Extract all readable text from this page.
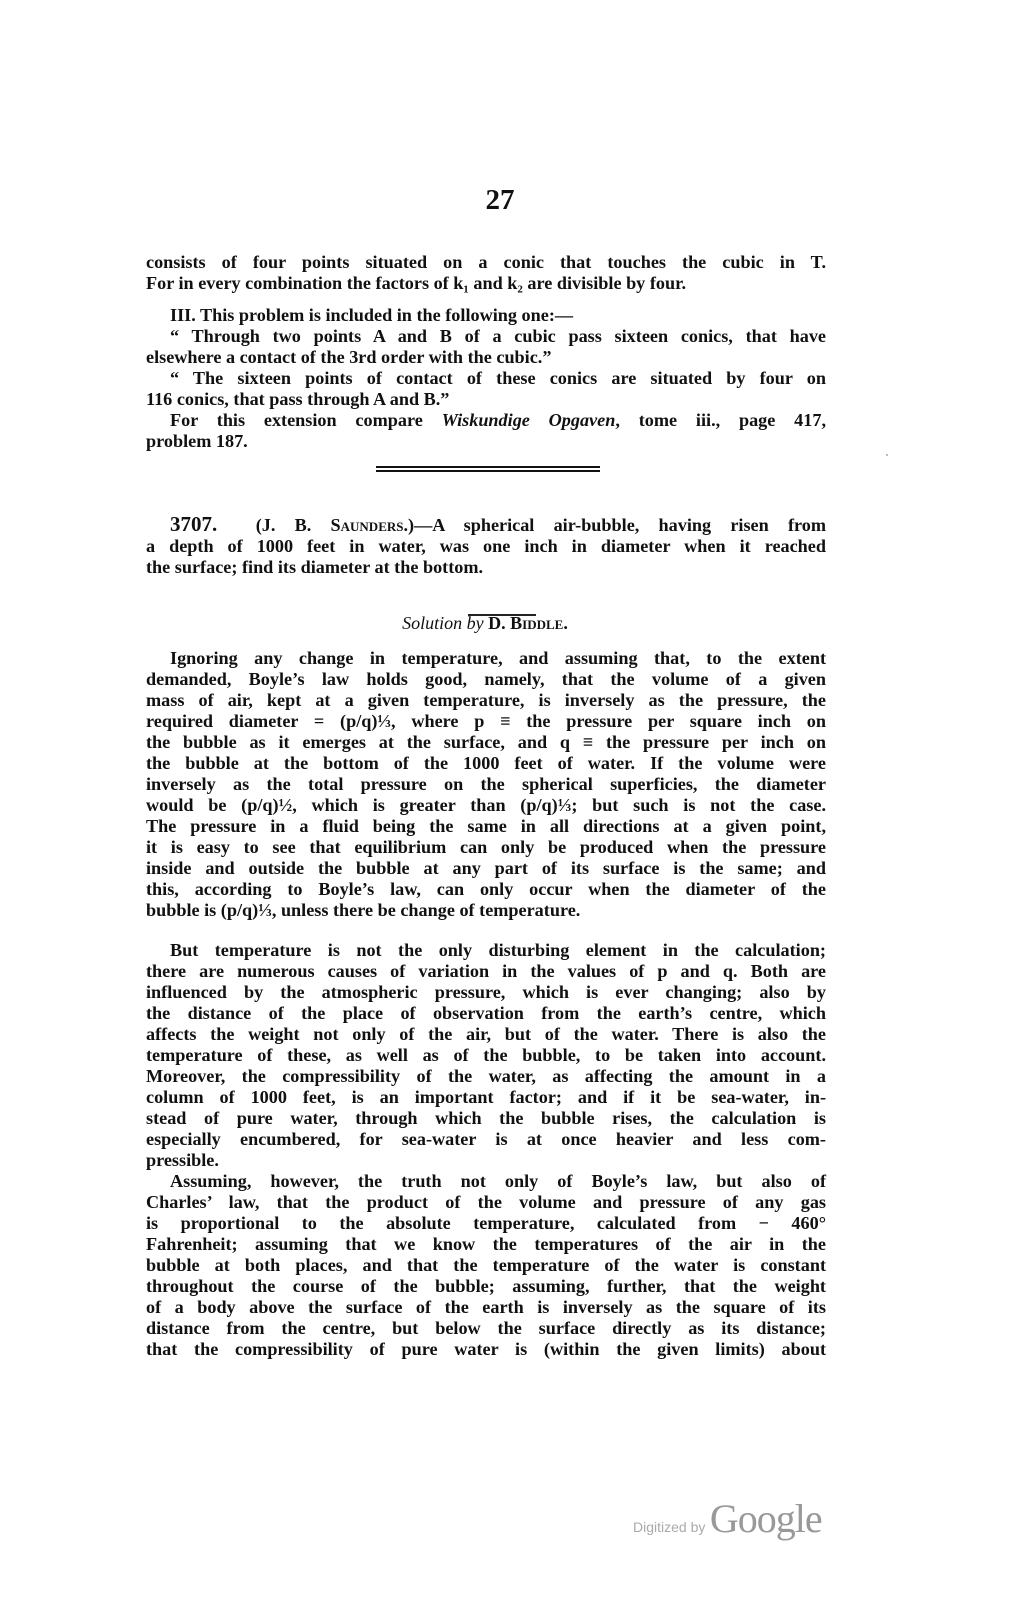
27
consists of four points situated on a conic that touches the cubic in T.
For in every combination the factors of k₁ and k₂ are divisible by four.
III. This problem is included in the following one:—
“ Through two points A and B of a cubic pass sixteen conics, that have
elsewhere a contact of the 3rd order with the cubic.”
“ The sixteen points of contact of these conics are situated by four on
116 conics, that pass through A and B.”
For this extension compare Wiskundige Opgaven, tome iii., page 417,
problem 187.
3707. (J. B. Saunders.)—A spherical air-bubble, having risen from
a depth of 1000 feet in water, was one inch in diameter when it reached
the surface; find its diameter at the bottom.
Solution by D. Biddle.
Ignoring any change in temperature, and assuming that, to the extent
demanded, Boyle’s law holds good, namely, that the volume of a given
mass of air, kept at a given temperature, is inversely as the pressure, the
required diameter = (p/q)⅓, where p ≡ the pressure per square inch on
the bubble as it emerges at the surface, and q ≡ the pressure per inch on
the bubble at the bottom of the 1000 feet of water. If the volume were
inversely as the total pressure on the spherical superficies, the diameter
would be (p/q)½, which is greater than (p/q)⅓; but such is not the case.
The pressure in a fluid being the same in all directions at a given point,
it is easy to see that equilibrium can only be produced when the pressure
inside and outside the bubble at any part of its surface is the same; and
this, according to Boyle’s law, can only occur when the diameter of the
bubble is (p/q)⅓, unless there be change of temperature.
But temperature is not the only disturbing element in the calculation;
there are numerous causes of variation in the values of p and q. Both are
influenced by the atmospheric pressure, which is ever changing; also by
the distance of the place of observation from the earth’s centre, which
affects the weight not only of the air, but of the water. There is also the
temperature of these, as well as of the bubble, to be taken into account.
Moreover, the compressibility of the water, as affecting the amount in a
column of 1000 feet, is an important factor; and if it be sea-water, in-
stead of pure water, through which the bubble rises, the calculation is
especially encumbered, for sea-water is at once heavier and less com-
pressible.
Assuming, however, the truth not only of Boyle’s law, but also of
Charles’ law, that the product of the volume and pressure of any gas
is proportional to the absolute temperature, calculated from − 460°
Fahrenheit; assuming that we know the temperatures of the air in the
bubble at both places, and that the temperature of the water is constant
throughout the course of the bubble; assuming, further, that the weight
of a body above the surface of the earth is inversely as the square of its
distance from the centre, but below the surface directly as its distance;
that the compressibility of pure water is (within the given limits) about
Digitized by Google
